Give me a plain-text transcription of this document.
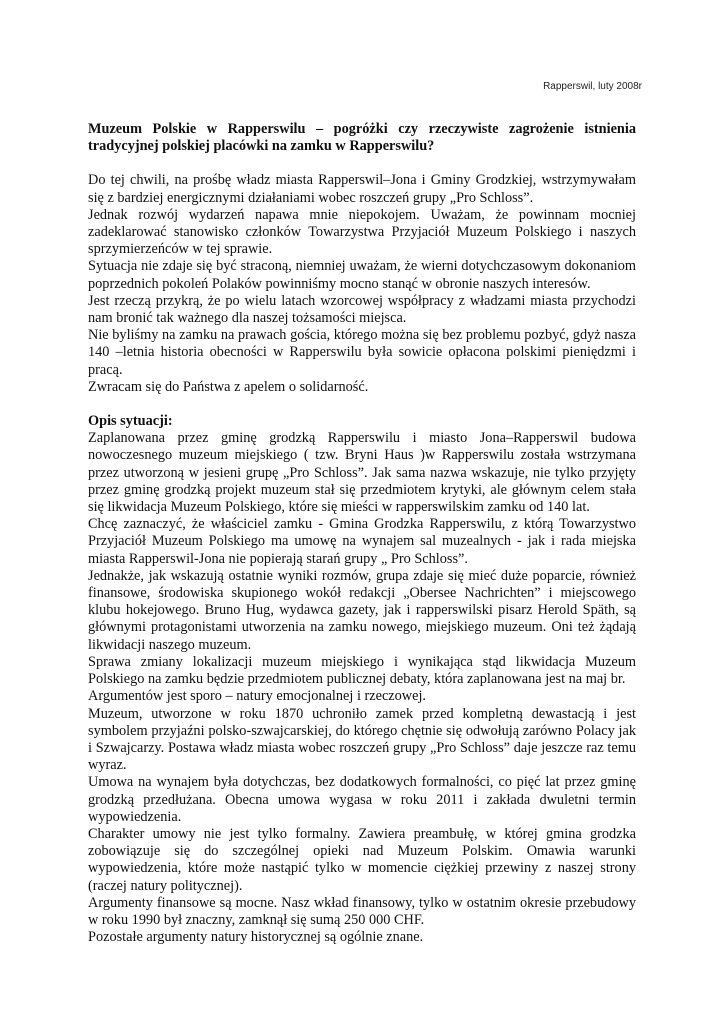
Rapperswil, luty 2008r

Muzeum Polskie w Rapperswilu – pogróżki czy rzeczywiste zagrożenie istnienia tradycyjnej polskiej placówki na zamku w Rapperswilu?

Do tej chwili, na prośbę władz miasta Rapperswil–Jona i Gminy Grodzkiej, wstrzymywałam się z bardziej energicznymi działaniami wobec roszczeń grupy „Pro Schloss”.

Jednak rozwój wydarzeń napawa mnie niepokojem. Uważam, że powinnam mocniej zadeklarować stanowisko członków Towarzystwa Przyjaciół Muzeum Polskiego i naszych sprzymierzeńców w tej sprawie.

Sytuacja nie zdaje się być straconą, niemniej uważam, że wierni dotychczasowym dokonaniom poprzednich pokoleń Polaków powinniśmy mocno stanąć w obronie naszych interesów.

Jest rzeczą przykrą, że po wielu latach wzorcowej współpracy z władzami miasta przychodzi nam bronić tak ważnego dla naszej tożsamości miejsca.

Nie byliśmy na zamku na prawach gościa, którego można się bez problemu pozbyć, gdyż nasza 140 –letnia historia obecności w Rapperswilu była sowicie opłacona polskimi pieniędzmi i pracą.

Zwracam się do Państwa z apelem o solidarność.

Opis sytuacji:

Zaplanowana przez gminę grodzką Rapperswilu i miasto Jona–Rapperswil budowa nowoczesnego muzeum miejskiego ( tzw. Bryni Haus )w Rapperswilu została wstrzymana przez utworzoną w jesieni grupę „Pro Schloss”. Jak sama nazwa wskazuje, nie tylko przyjęty przez gminę grodzką projekt muzeum stał się przedmiotem krytyki, ale głównym celem stała się likwidacja Muzeum Polskiego, które się mieści w rapperswilskim zamku od 140 lat.

Chcę zaznaczyć, że właściciel zamku - Gmina Grodzka Rapperswilu, z którą Towarzystwo Przyjaciół Muzeum Polskiego ma umowę na wynajem sal muzealnych - jak i rada miejska miasta Rapperswil-Jona nie popierają starań grupy „ Pro Schloss”.

Jednakże, jak wskazują ostatnie wyniki rozmów, grupa zdaje się mieć duże poparcie, również finansowe, środowiska skupionego wokół redakcji „Obersee Nachrichten” i miejscowego klubu hokejowego. Bruno Hug, wydawca gazety, jak i rapperswilski pisarz Herold Späth, są głównymi protagonistami utworzenia na zamku nowego, miejskiego muzeum. Oni też żądają likwidacji naszego muzeum.

Sprawa zmiany lokalizacji muzeum miejskiego i wynikająca stąd likwidacja Muzeum Polskiego na zamku będzie przedmiotem publicznej debaty, która zaplanowana jest na maj br.

Argumentów jest sporo – natury emocjonalnej i rzeczowej.

Muzeum, utworzone w roku 1870 uchroniło zamek przed kompletną dewastacją i jest symbolem przyjaźni polsko-szwajcarskiej, do którego chętnie się odwołują zarówno Polacy jak i Szwajcarzy. Postawa władz miasta wobec roszczeń grupy „Pro Schloss” daje jeszcze raz temu wyraz.

Umowa na wynajem była dotychczas, bez dodatkowych formalności, co pięć lat przez gminę grodzką przedłużana. Obecna umowa wygasa w roku 2011 i zakłada dwuletni termin wypowiedzenia.

Charakter umowy nie jest tylko formalny. Zawiera preambułę, w której gmina grodzka zobowiązuje się do szczególnej opieki nad Muzeum Polskim. Omawia warunki wypowiedzenia, które może nastąpić tylko w momencie ciężkiej przewiny z naszej strony (raczej natury politycznej).

Argumenty finansowe są mocne. Nasz wkład finansowy, tylko w ostatnim okresie przebudowy w roku 1990 był znaczny, zamknął się sumą 250 000 CHF.

Pozostałe argumenty natury historycznej są ogólnie znane.
